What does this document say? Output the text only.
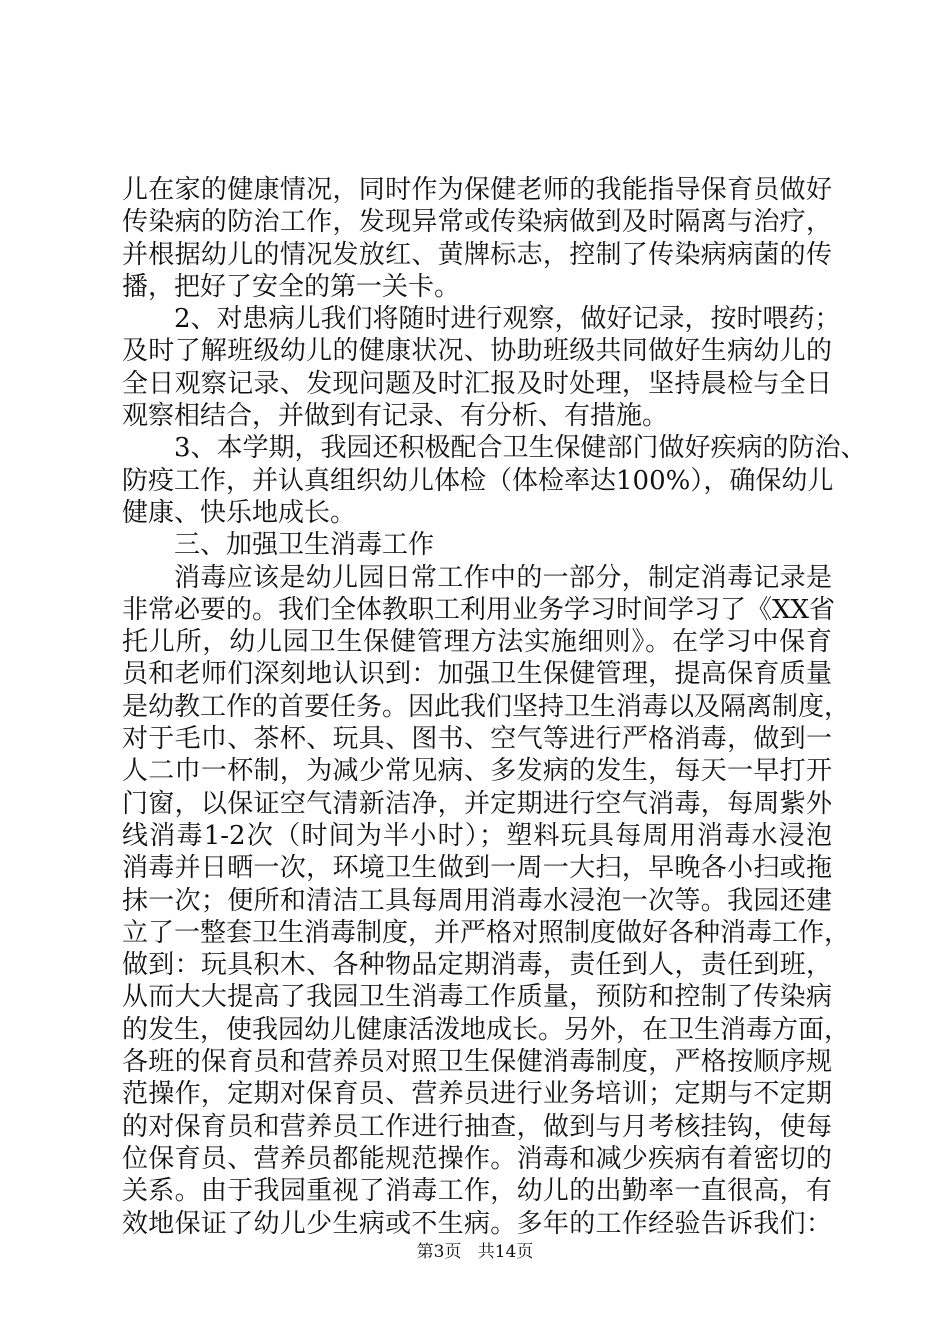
儿在家的健康情况，同时作为保健老师的我能指导保育员做好
传染病的防治工作，发现异常或传染病做到及时隔离与治疗，
并根据幼儿的情况发放红、黄牌标志，控制了传染病病菌的传
播，把好了安全的第一关卡。
2、对患病儿我们将随时进行观察，做好记录，按时喂药；
及时了解班级幼儿的健康状况、协助班级共同做好生病幼儿的
全日观察记录、发现问题及时汇报及时处理，坚持晨检与全日
观察相结合，并做到有记录、有分析、有措施。
3、本学期，我园还积极配合卫生保健部门做好疾病的防治、
防疫工作，并认真组织幼儿体检（体检率达100%），确保幼儿
健康、快乐地成长。
三、加强卫生消毒工作
消毒应该是幼儿园日常工作中的一部分，制定消毒记录是
非常必要的。我们全体教职工利用业务学习时间学习了《XX省
托儿所，幼儿园卫生保健管理方法实施细则》。在学习中保育
员和老师们深刻地认识到：加强卫生保健管理，提高保育质量
是幼教工作的首要任务。因此我们坚持卫生消毒以及隔离制度，
对于毛巾、茶杯、玩具、图书、空气等进行严格消毒，做到一
人二巾一杯制，为减少常见病、多发病的发生，每天一早打开
门窗，以保证空气清新洁净，并定期进行空气消毒，每周紫外
线消毒1-2次（时间为半小时）；塑料玩具每周用消毒水浸泡
消毒并日晒一次，环境卫生做到一周一大扫，早晚各小扫或拖
抹一次；便所和清洁工具每周用消毒水浸泡一次等。我园还建
立了一整套卫生消毒制度，并严格对照制度做好各种消毒工作，
做到：玩具积木、各种物品定期消毒，责任到人，责任到班，
从而大大提高了我园卫生消毒工作质量，预防和控制了传染病
的发生，使我园幼儿健康活泼地成长。另外，在卫生消毒方面，
各班的保育员和营养员对照卫生保健消毒制度，严格按顺序规
范操作，定期对保育员、营养员进行业务培训；定期与不定期
的对保育员和营养员工作进行抽查，做到与月考核挂钩，使每
位保育员、营养员都能规范操作。消毒和减少疾病有着密切的
关系。由于我园重视了消毒工作，幼儿的出勤率一直很高，有
效地保证了幼儿少生病或不生病。多年的工作经验告诉我们：
第3页 共14页
